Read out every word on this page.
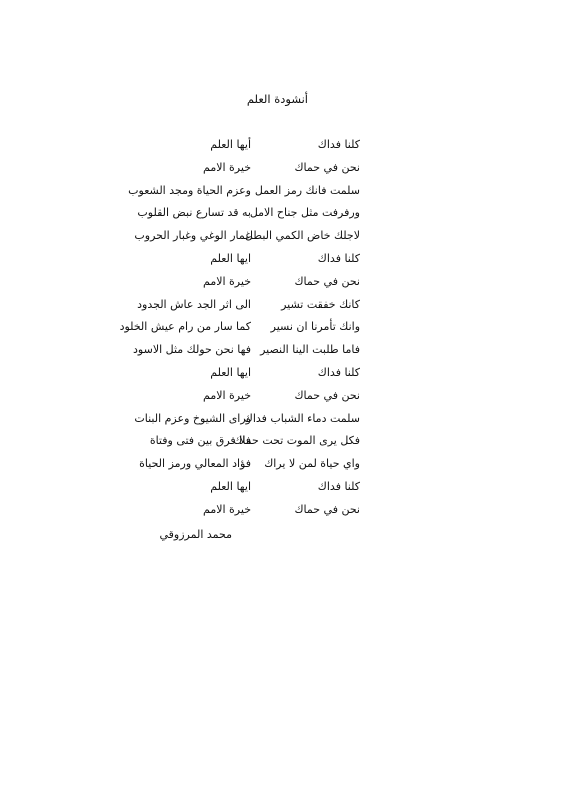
أنشودة العلم
كلنا فداك
أيها العلم
نحن في حماك
خيرة الامم
سلمت فانك رمز العمل
وعزم الحياة ومجد الشعوب
ورفرفت مثل جناح الامل
به قد تسارع نبض القلوب
لاجلك خاض الكمي البطل
غمار الوغي وغبار الحروب
كلنا فداك
ايها العلم
نحن في حماك
خيرة الامم
كانك خفقت تشير
الى اثر الجد عاش الجدود
وانك تأمرنا ان نسير
كما سار من رام عيش الخلود
فاما طلبت الينا النصير
فها نحن حولك مثل الاسود
كلنا فداك
ايها العلم
نحن في حماك
خيرة الامم
سلمت دماء الشباب فداك
وراى الشيوخ وعزم البنات
فكل يرى الموت تحت حماك
فلا فرق بين فتى وفتاة
واي حياة لمن لا يراك
فؤاد المعالي ورمز الحياة
كلنا فداك
ايها العلم
نحن في حماك
خيرة الامم
محمد المرزوقي
